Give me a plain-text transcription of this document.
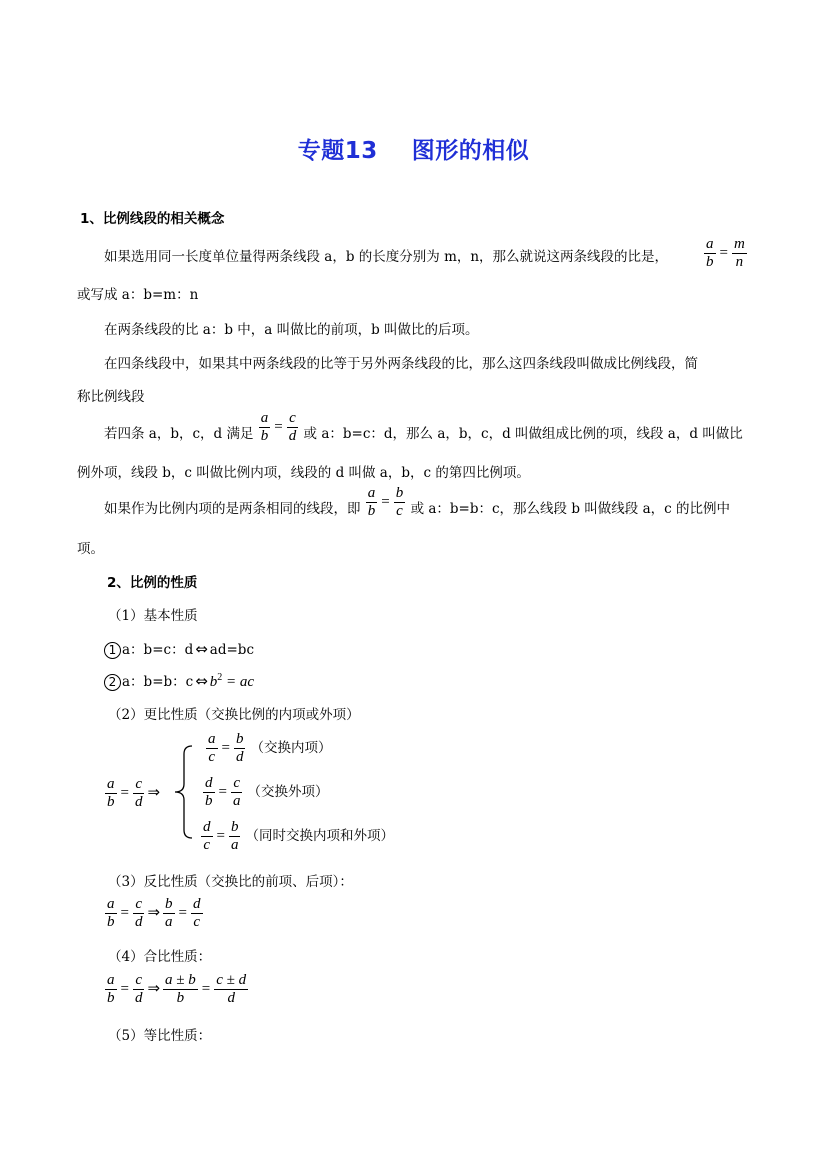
专题13 图形的相似
1、比例线段的相关概念
如果选用同一长度单位量得两条线段 a，b 的长度分别为 m，n，那么就说这两条线段的比是， $\frac{a}{b} = \frac{m}{n}$
或写成 a：b=m：n
在两条线段的比 a：b 中，a 叫做比的前项，b 叫做比的后项。
在四条线段中，如果其中两条线段的比等于另外两条线段的比，那么这四条线段叫做成比例线段，简
称比例线段
若四条 a，b，c，d 满足 $\frac{a}{b} = \frac{c}{d}$ 或 a：b=c：d，那么 a，b，c，d 叫做组成比例的项，线段 a，d 叫做比
例外项，线段 b，c 叫做比例内项，线段的 d 叫做 a，b，c 的第四比例项。
如果作为比例内项的是两条相同的线段，即 $\frac{a}{b} = \frac{b}{c}$ 或 a：b=b：c，那么线段 b 叫做线段 a，c 的比例中
项。
2、比例的性质
（1）基本性质
1 a：b=c：d ⇔ ad=bc
2 a：b=b：c ⇔ $b^2$ = ac
（2）更比性质（交换比例的内项或外项）
$\frac{a}{b} = \frac{c}{d}$ ⇒
$\frac{a}{c} = \frac{b}{d}$ （交换内项）
$\frac{d}{b} = \frac{c}{a}$ （交换外项）
$\frac{d}{c} = \frac{b}{a}$ （同时交换内项和外项）
（3）反比性质（交换比的前项、后项）：
$\frac{a}{b} = \frac{c}{d}$ ⇒ $\frac{b}{a} = \frac{d}{c}$
（4）合比性质：
$\frac{a}{b} = \frac{c}{d}$ ⇒ $\frac{a \pm b}{b} = \frac{c \pm d}{d}$
（5）等比性质：
